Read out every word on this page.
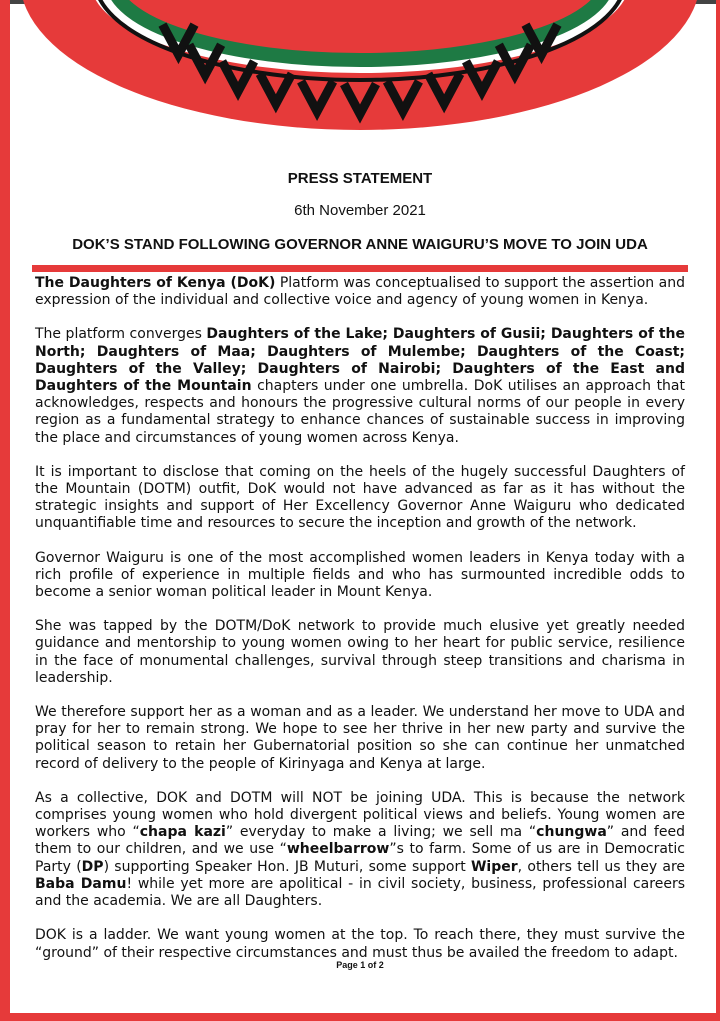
PRESS STATEMENT
6th November 2021
DOK’S STAND FOLLOWING GOVERNOR ANNE WAIGURU’S MOVE TO JOIN UDA

The Daughters of Kenya (DoK) Platform was conceptualised to support the assertion and expression of the individual and collective voice and agency of young women in Kenya.

The platform converges Daughters of the Lake; Daughters of Gusii; Daughters of the North; Daughters of Maa; Daughters of Mulembe; Daughters of the Coast; Daughters of the Valley; Daughters of Nairobi; Daughters of the East and Daughters of the Mountain chapters under one umbrella. DoK utilises an approach that acknowledges, respects and honours the progressive cultural norms of our people in every region as a fundamental strategy to enhance chances of sustainable success in improving the place and circumstances of young women across Kenya.

It is important to disclose that coming on the heels of the hugely successful Daughters of the Mountain (DOTM) outfit, DoK would not have advanced as far as it has without the strategic insights and support of Her Excellency Governor Anne Waiguru who dedicated unquantifiable time and resources to secure the inception and growth of the network.

Governor Waiguru is one of the most accomplished women leaders in Kenya today with a rich profile of experience in multiple fields and who has surmounted incredible odds to become a senior woman political leader in Mount Kenya.

She was tapped by the DOTM/DoK network to provide much elusive yet greatly needed guidance and mentorship to young women owing to her heart for public service, resilience in the face of monumental challenges, survival through steep transitions and charisma in leadership.

We therefore support her as a woman and as a leader. We understand her move to UDA and pray for her to remain strong. We hope to see her thrive in her new party and survive the political season to retain her Gubernatorial position so she can continue her unmatched record of delivery to the people of Kirinyaga and Kenya at large.

As a collective, DOK and DOTM will NOT be joining UDA. This is because the network comprises young women who hold divergent political views and beliefs. Young women are workers who “chapa kazi” everyday to make a living; we sell ma “chungwa” and feed them to our children, and we use “wheelbarrow”s to farm. Some of us are in Democratic Party (DP) supporting Speaker Hon. JB Muturi, some support Wiper, others tell us they are Baba Damu! while yet more are apolitical - in civil society, business, professional careers and the academia. We are all Daughters.

DOK is a ladder. We want young women at the top. To reach there, they must survive the “ground” of their respective circumstances and must thus be availed the freedom to adapt.

Page 1 of 2
